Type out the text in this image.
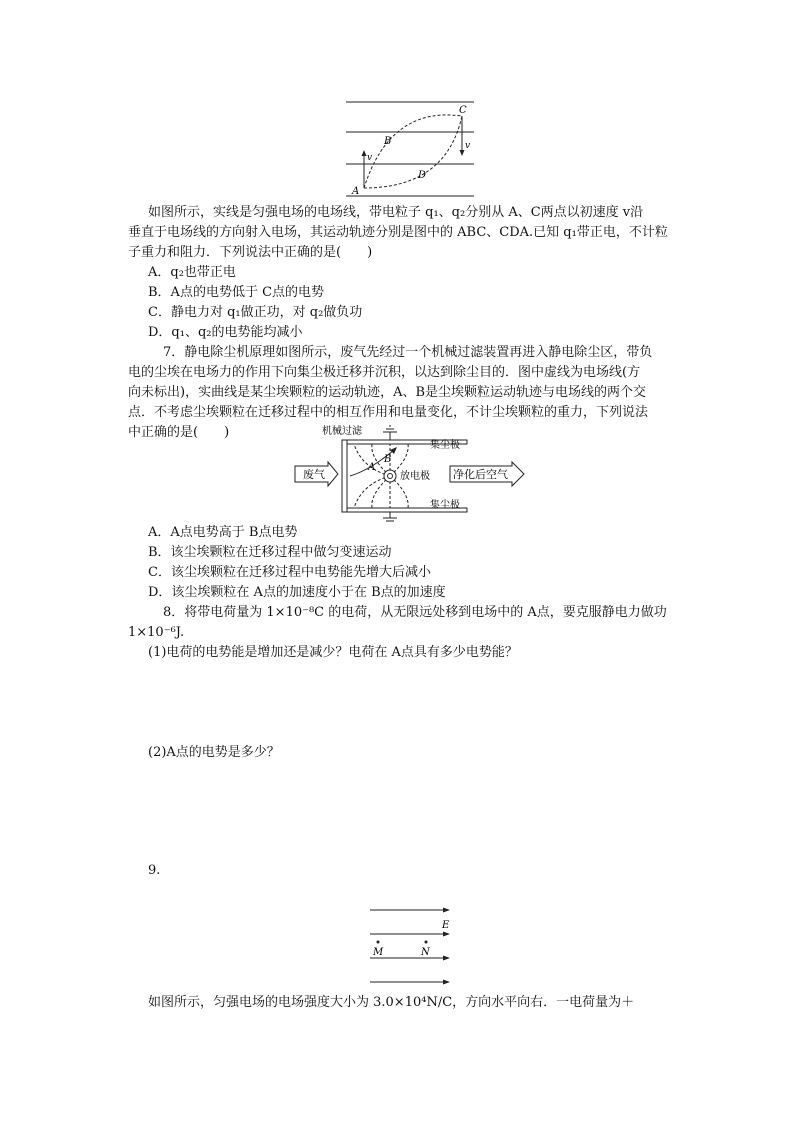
A
B
C
D
v
v
如图所示，实线是匀强电场的电场线，带电粒子 q₁、q₂分别从 A、C两点以初速度 v沿
垂直于电场线的方向射入电场，其运动轨迹分别是图中的 ABC、CDA.已知 q₁带正电，不计粒
子重力和阻力．下列说法中正确的是(　　)
A．q₂也带正电
B．A点的电势低于 C点的电势
C．静电力对 q₁做正功，对 q₂做负功
D．q₁、q₂的电势能均减小
7．静电除尘机原理如图所示，废气先经过一个机械过滤装置再进入静电除尘区，带负
电的尘埃在电场力的作用下向集尘极迁移并沉积，以达到除尘目的．图中虚线为电场线(方
向未标出)，实曲线是某尘埃颗粒的运动轨迹，A、B是尘埃颗粒运动轨迹与电场线的两个交
点．不考虑尘埃颗粒在迁移过程中的相互作用和电量变化，不计尘埃颗粒的重力，下列说法
中正确的是(　　)	机械过滤
集尘极
集尘极
放电极
A
B
废气	净化后空气
A．A点电势高于 B点电势
B．该尘埃颗粒在迁移过程中做匀变速运动
C．该尘埃颗粒在迁移过程中电势能先增大后减小
D．该尘埃颗粒在 A点的加速度小于在 B点的加速度
8．将带电荷量为 1×10⁻⁸C 的电荷，从无限远处移到电场中的 A点，要克服静电力做功
1×10⁻⁶J.
(1)电荷的电势能是增加还是减少？电荷在 A点具有多少电势能？
(2)A点的电势是多少？
9.
E
M	N
如图所示，匀强电场的电场强度大小为 3.0×10⁴N/C，方向水平向右．一电荷量为＋
